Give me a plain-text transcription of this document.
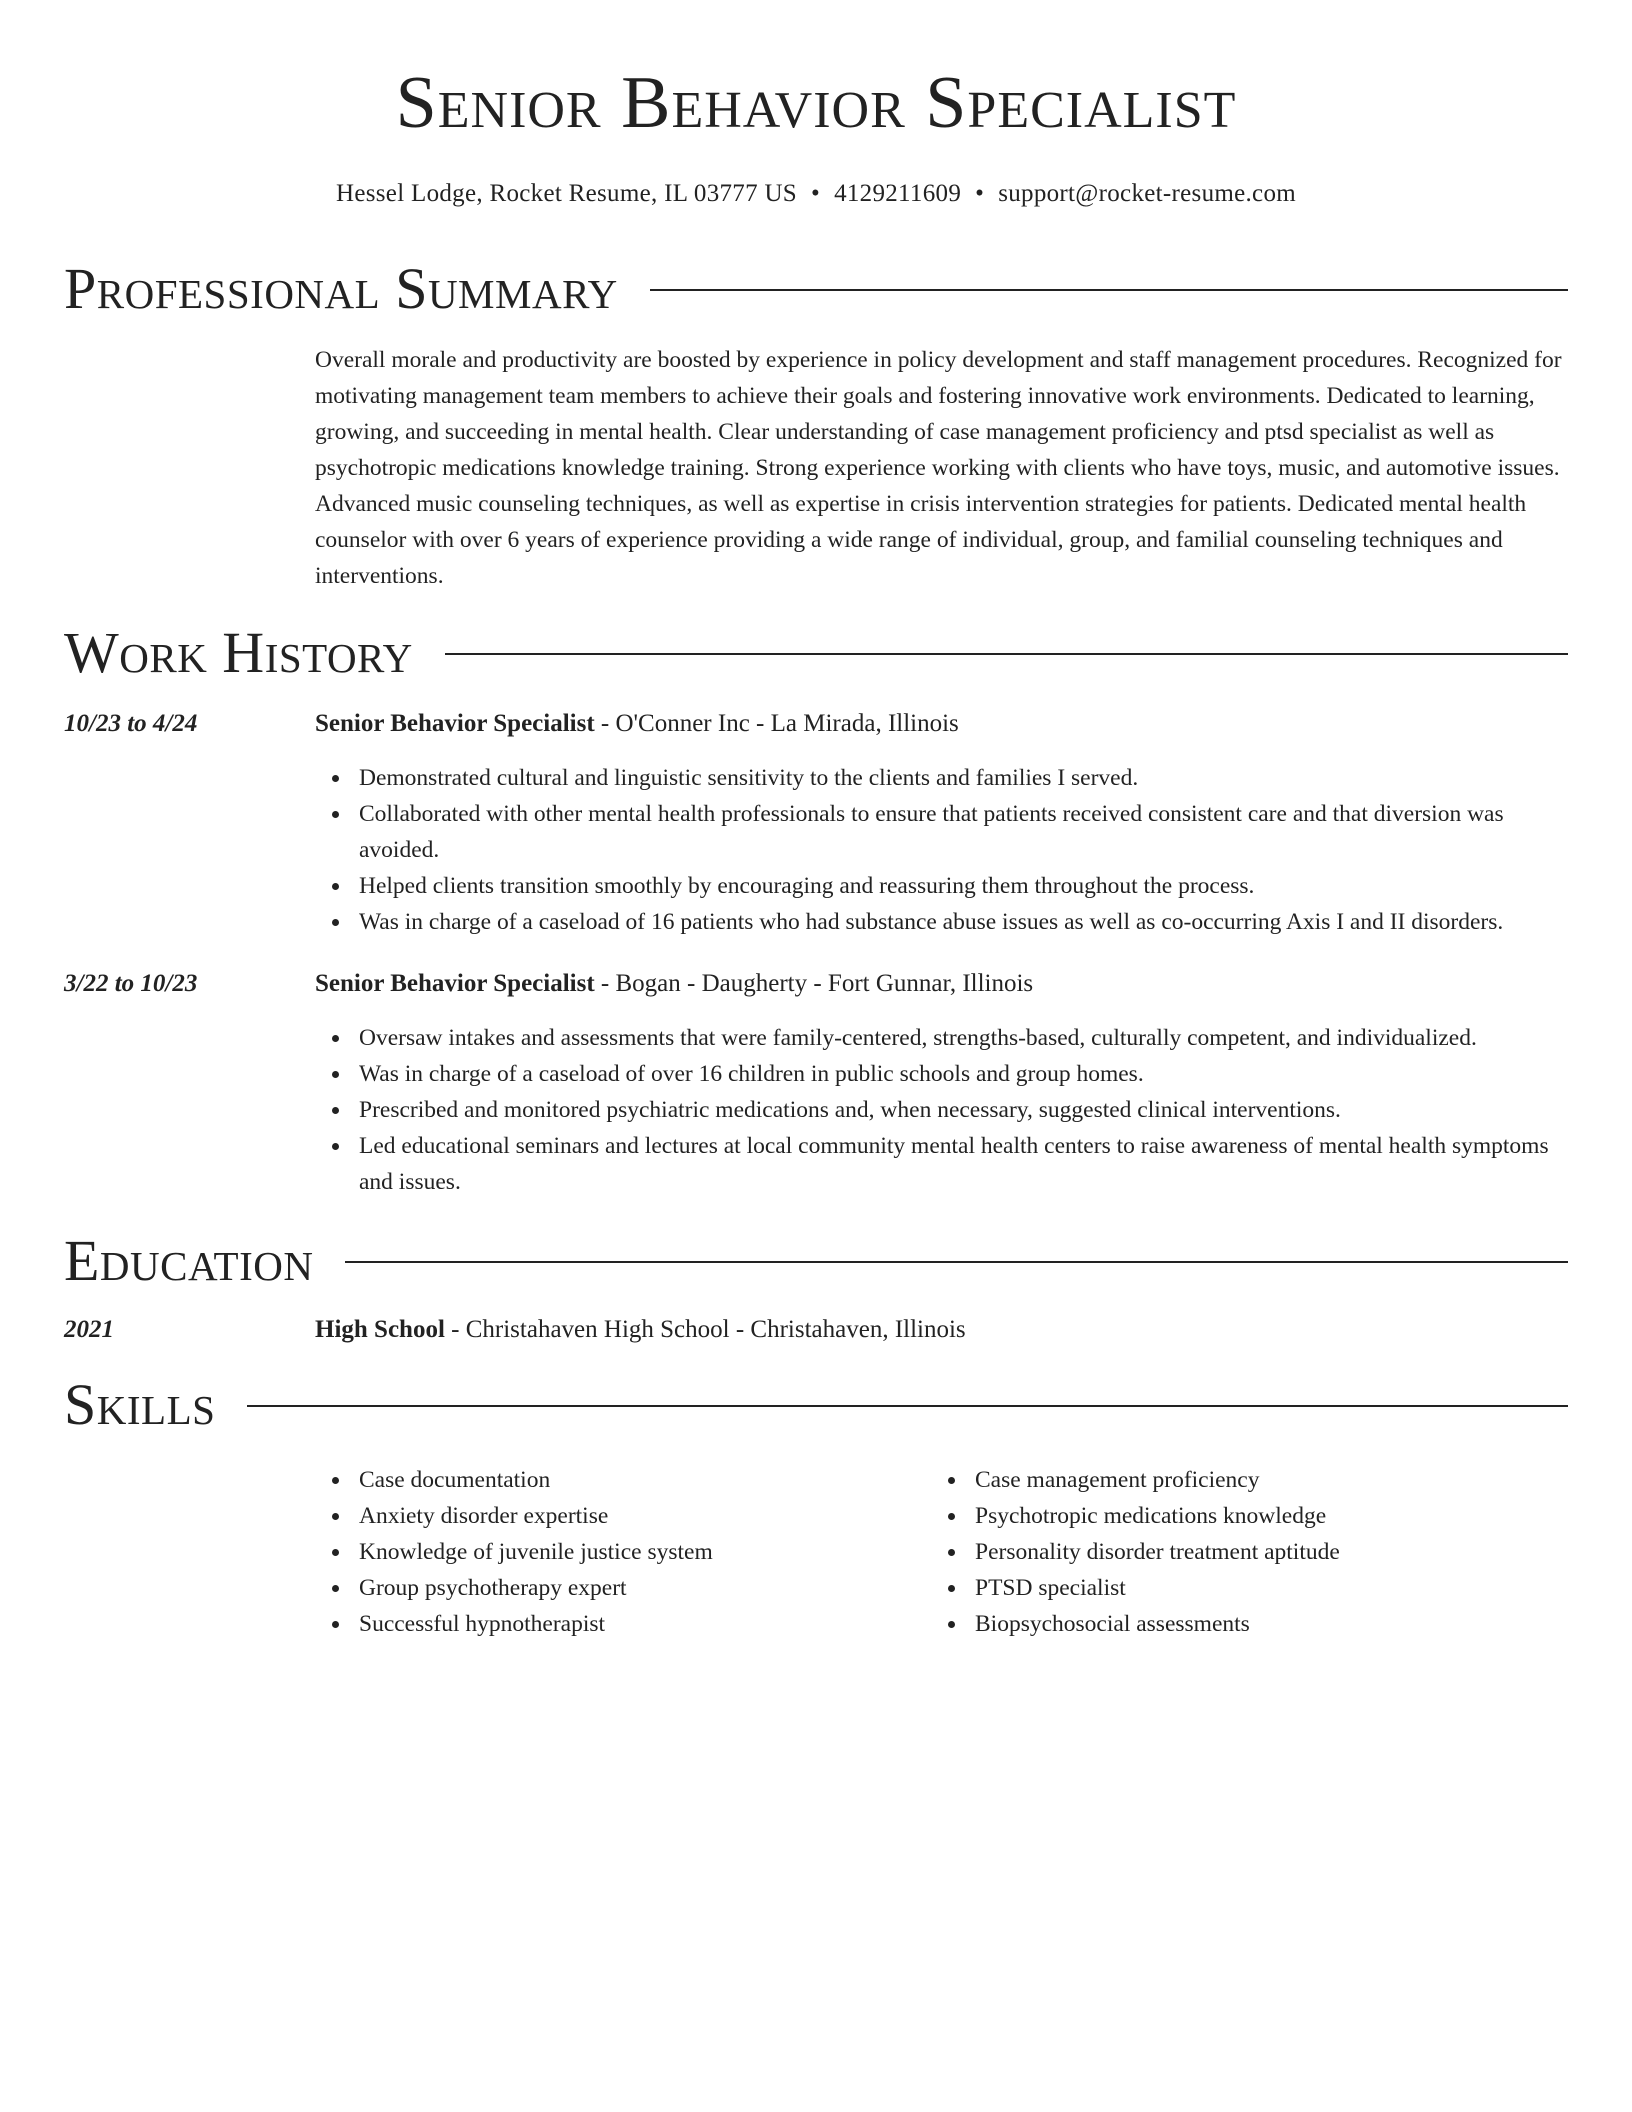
Senior Behavior Specialist
Hessel Lodge, Rocket Resume, IL 03777 US • 4129211609 • support@rocket-resume.com
Professional Summary
Overall morale and productivity are boosted by experience in policy development and staff management procedures. Recognized for motivating management team members to achieve their goals and fostering innovative work environments. Dedicated to learning, growing, and succeeding in mental health. Clear understanding of case management proficiency and ptsd specialist as well as psychotropic medications knowledge training. Strong experience working with clients who have toys, music, and automotive issues. Advanced music counseling techniques, as well as expertise in crisis intervention strategies for patients. Dedicated mental health counselor with over 6 years of experience providing a wide range of individual, group, and familial counseling techniques and interventions.
Work History
10/23 to 4/24	Senior Behavior Specialist - O'Conner Inc - La Mirada, Illinois
Demonstrated cultural and linguistic sensitivity to the clients and families I served.
Collaborated with other mental health professionals to ensure that patients received consistent care and that diversion was avoided.
Helped clients transition smoothly by encouraging and reassuring them throughout the process.
Was in charge of a caseload of 16 patients who had substance abuse issues as well as co-occurring Axis I and II disorders.
3/22 to 10/23	Senior Behavior Specialist - Bogan - Daugherty - Fort Gunnar, Illinois
Oversaw intakes and assessments that were family-centered, strengths-based, culturally competent, and individualized.
Was in charge of a caseload of over 16 children in public schools and group homes.
Prescribed and monitored psychiatric medications and, when necessary, suggested clinical interventions.
Led educational seminars and lectures at local community mental health centers to raise awareness of mental health symptoms and issues.
Education
2021	High School - Christahaven High School - Christahaven, Illinois
Skills
Case documentation
Anxiety disorder expertise
Knowledge of juvenile justice system
Group psychotherapy expert
Successful hypnotherapist
Case management proficiency
Psychotropic medications knowledge
Personality disorder treatment aptitude
PTSD specialist
Biopsychosocial assessments
